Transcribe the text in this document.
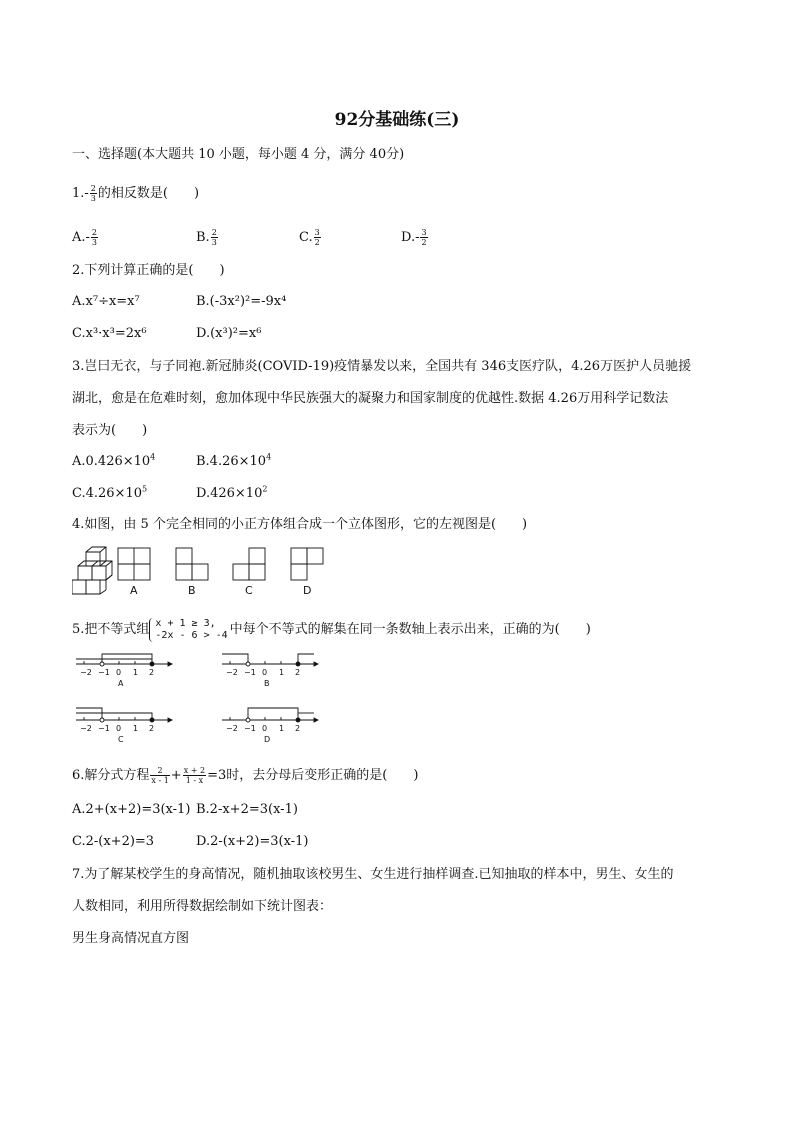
92分基础练(三)
一、选择题(本大题共 10 小题，每小题 4 分，满分 40分)
$1.- \frac{2}{3}$ 的相反数是(　　)
$A.- \frac{2}{3}$	B. $\frac{2}{3}$	C. $\frac{3}{2}$	$D.- \frac{3}{2}$
2.下列计算正确的是(　　)
A.x⁷÷x=x⁷	B.(-3x²)²=-9x⁴
C.x³·x³=2x⁶	D.(x³)²=x⁶
3.岂曰无衣，与子同袍.新冠肺炎(COVID-19)疫情暴发以来，全国共有 346支医疗队，4.26万医护人员驰援
湖北，愈是在危难时刻，愈加体现中华民族强大的凝聚力和国家制度的优越性.数据 4.26万用科学记数法
表示为(　　)
$A.0.426\times 10^4$	$B.4.26\times 10^4$
$C.4.26\times 10^5$	$D.426\times 10^2$
4.如图，由 5 个完全相同的小正方体组合成一个立体图形，它的左视图是(　　)
A	B	C	D
5.把不等式组 x + 1 ≥ 3,
-2x - 6 > -4 中每个不等式的解集在同一条数轴上表示出来，正确的为(　　)
−2 −1 0 1 2
A
−2 −1 0 1 2
B
−2 −1 0 1 2
C
−2 −1 0 1 2
D
6.解分式方程 $\frac{2}{x - 1} + \frac{x + 2}{1 - x} =3$时，去分母后变形正确的是(　　)
A.2+(x+2)=3(x-1) B.2-x+2=3(x-1)
C.2-(x+2)=3	D.2-(x+2)=3(x-1)
7.为了解某校学生的身高情况，随机抽取该校男生、女生进行抽样调查.已知抽取的样本中，男生、女生的
人数相同，利用所得数据绘制如下统计图表：
男生身高情况直方图
